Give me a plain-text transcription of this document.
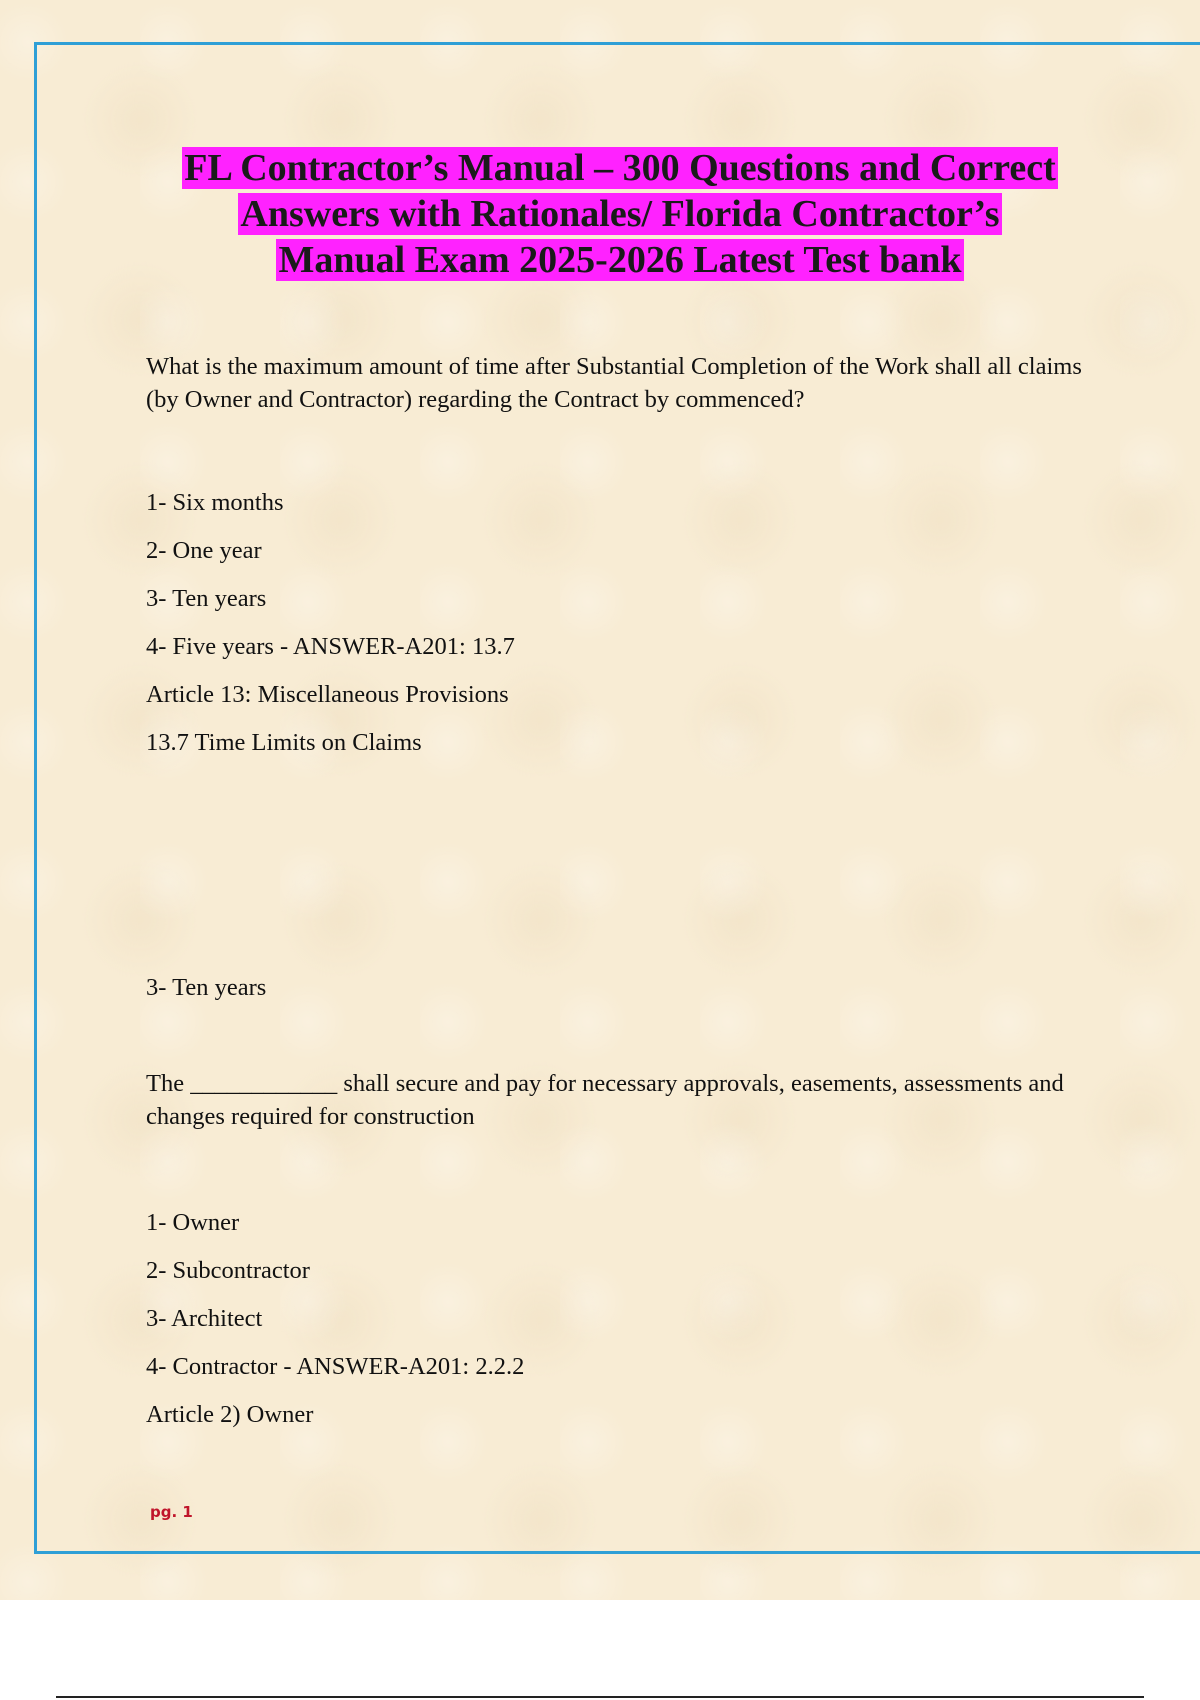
FL Contractor’s Manual – 300 Questions and Correct
Answers with Rationales/ Florida Contractor’s
Manual Exam 2025-2026 Latest Test bank

What is the maximum amount of time after Substantial Completion of the Work shall all claims (by Owner and Contractor) regarding the Contract by commenced?

1- Six months

2- One year

3- Ten years

4- Five years - ANSWER-A201: 13.7

Article 13: Miscellaneous Provisions

13.7 Time Limits on Claims

3- Ten years

The ____________ shall secure and pay for necessary approvals, easements, assessments and changes required for construction

1- Owner

2- Subcontractor

3- Architect

4- Contractor - ANSWER-A201: 2.2.2

Article 2) Owner

pg. 1
